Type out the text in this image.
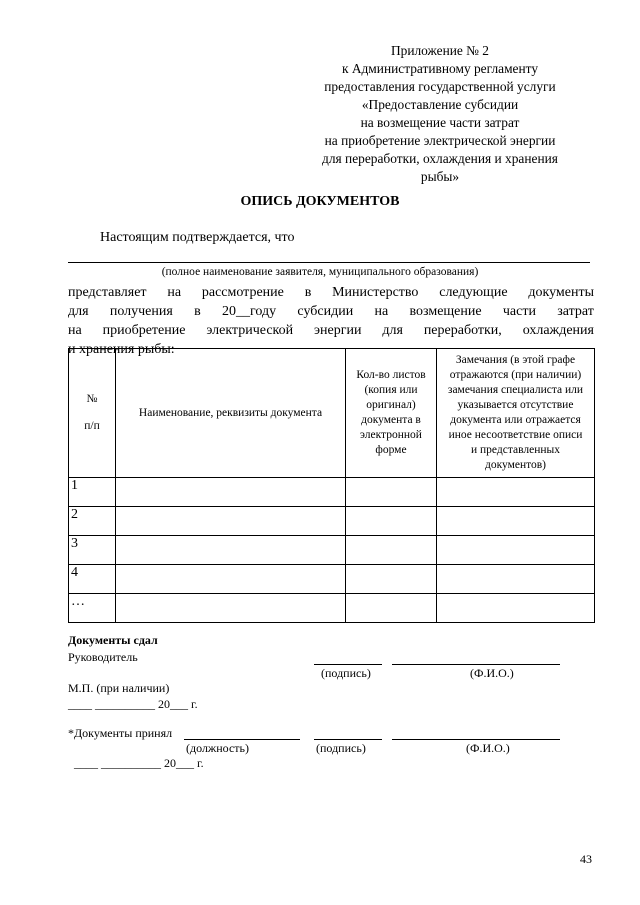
Приложение № 2
к Административному регламенту
предоставления государственной услуги
«Предоставление субсидии
на возмещение части затрат
на приобретение электрической энергии
для переработки, охлаждения и хранения
рыбы»
ОПИСЬ ДОКУМЕНТОВ
Настоящим подтверждается, что
(полное наименование заявителя, муниципального образования)
представляет на рассмотрение в Министерство следующие документы
для получения в 20__году субсидии на возмещение части затрат
на приобретение электрической энергии для переработки, охлаждения
и хранения рыбы:
№
п/п	Наименование, реквизиты документа	Кол-во листов (копия или оригинал) документа в электронной форме	Замечания (в этой графе отражаются (при наличии) замечания специалиста или указывается отсутствие документа или отражается иное несоответствие описи и представленных документов)
1			
2			
3			
4			
…			
Документы сдал
Руководитель
(подпись)	(Ф.И.О.)
М.П. (при наличии)
____ __________ 20___ г.
*Документы принял
(должность)	(подпись)	(Ф.И.О.)
____ __________ 20___ г.
43
